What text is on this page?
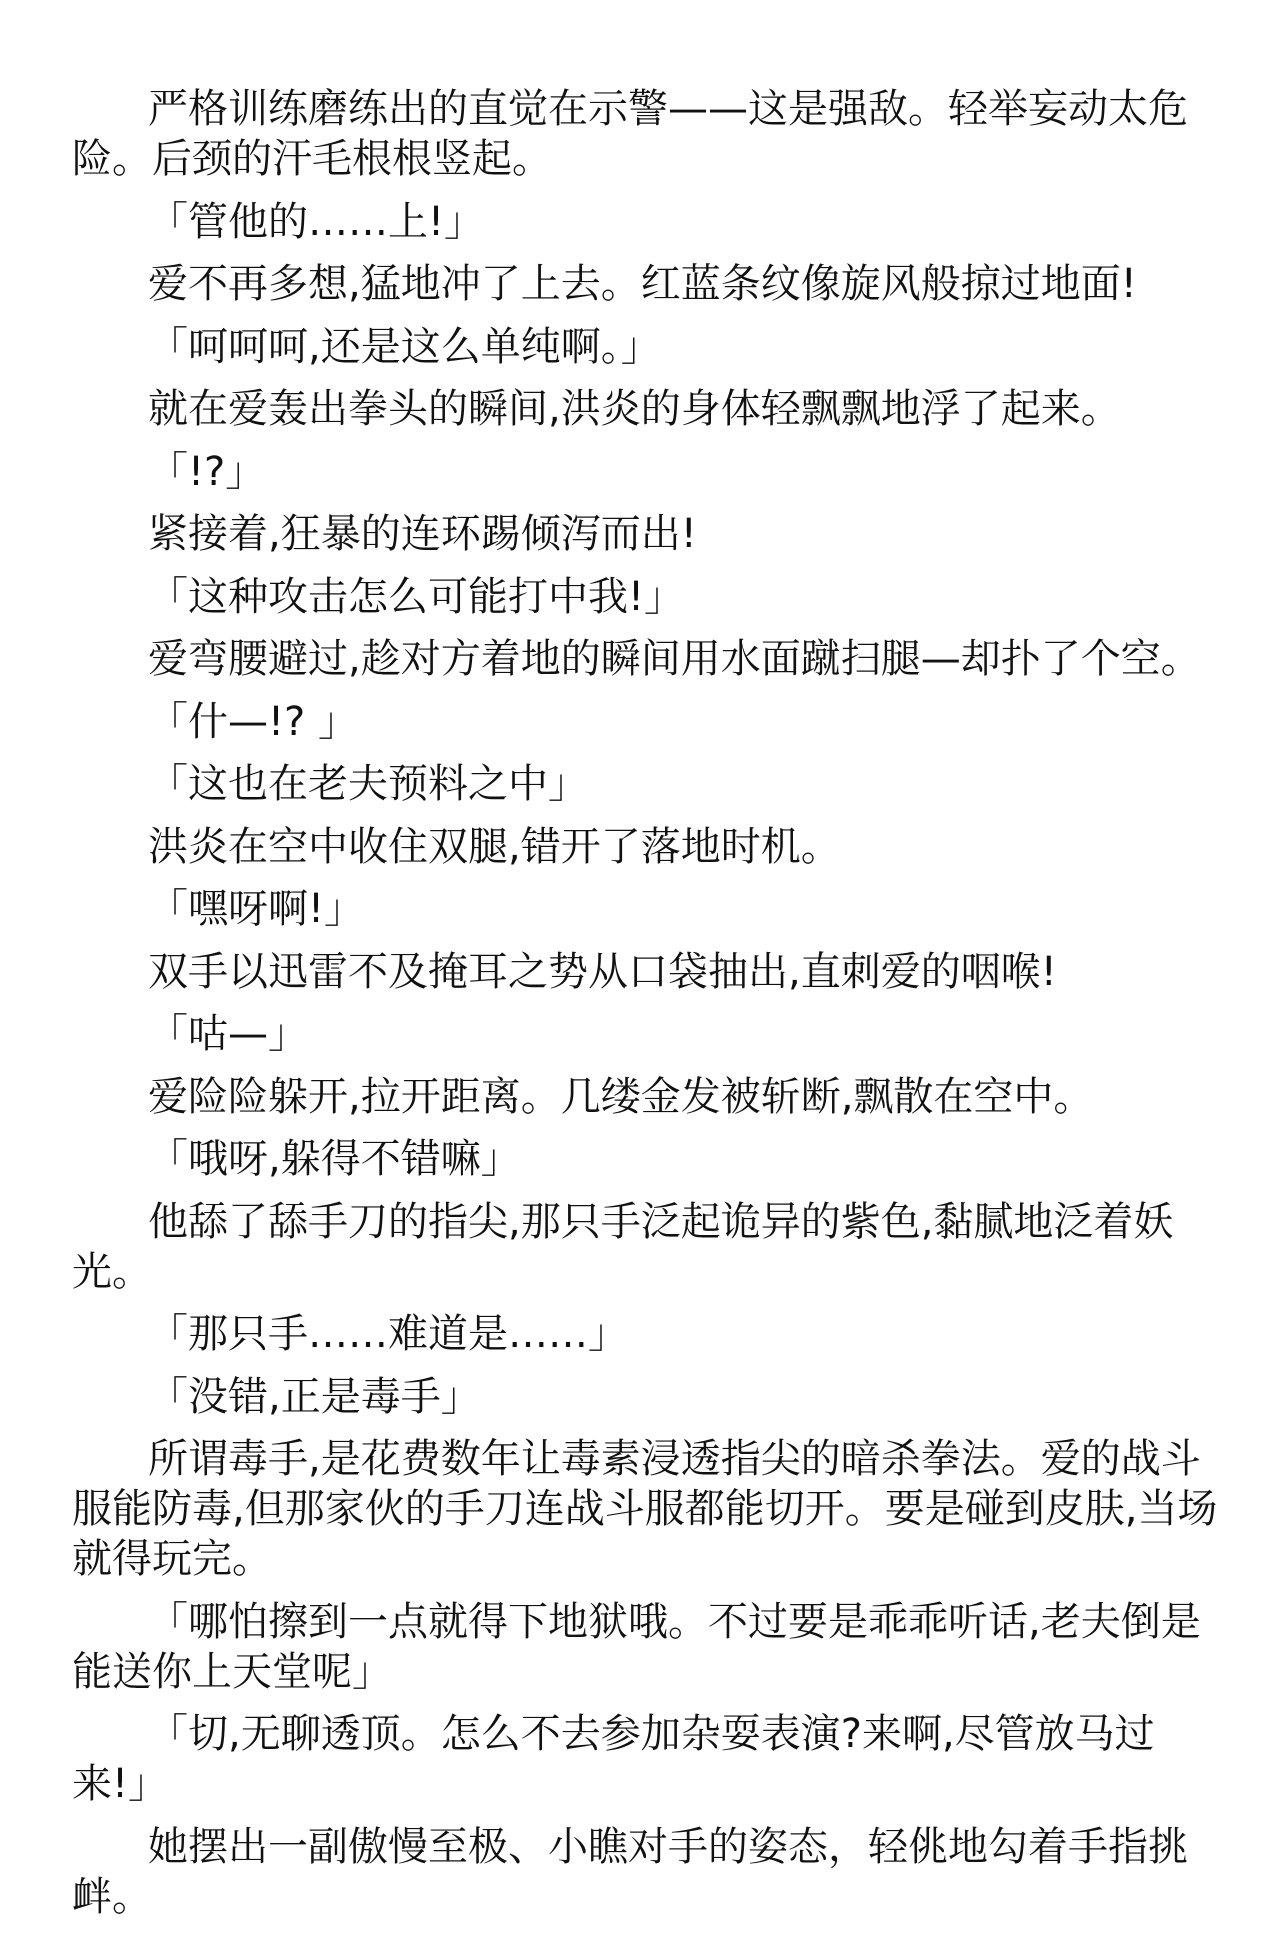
严格训练磨练出的直觉在示警——这是强敌。轻举妄动太危险。后颈的汗毛根根竖起。

「管他的……上!」

爱不再多想,猛地冲了上去。红蓝条纹像旋风般掠过地面!

「呵呵呵,还是这么单纯啊。」

就在爱轰出拳头的瞬间,洪炎的身体轻飘飘地浮了起来。

「!?」

紧接着,狂暴的连环踢倾泻而出!

「这种攻击怎么可能打中我!」

爱弯腰避过,趁对方着地的瞬间用水面蹴扫腿—却扑了个空。

「什—!? 」

「这也在老夫预料之中」

洪炎在空中收住双腿,错开了落地时机。

「嘿呀啊!」

双手以迅雷不及掩耳之势从口袋抽出,直刺爱的咽喉!

「咕—」

爱险险躲开,拉开距离。几缕金发被斩断,飘散在空中。

「哦呀,躲得不错嘛」

他舔了舔手刀的指尖,那只手泛起诡异的紫色,黏腻地泛着妖光。

「那只手……难道是……」

「没错,正是毒手」

所谓毒手,是花费数年让毒素浸透指尖的暗杀拳法。爱的战斗服能防毒,但那家伙的手刀连战斗服都能切开。要是碰到皮肤,当场就得玩完。

「哪怕擦到一点就得下地狱哦。不过要是乖乖听话,老夫倒是能送你上天堂呢」

「切,无聊透顶。怎么不去参加杂耍表演?来啊,尽管放马过来!」

她摆出一副傲慢至极、小瞧对手的姿态，轻佻地勾着手指挑衅。
